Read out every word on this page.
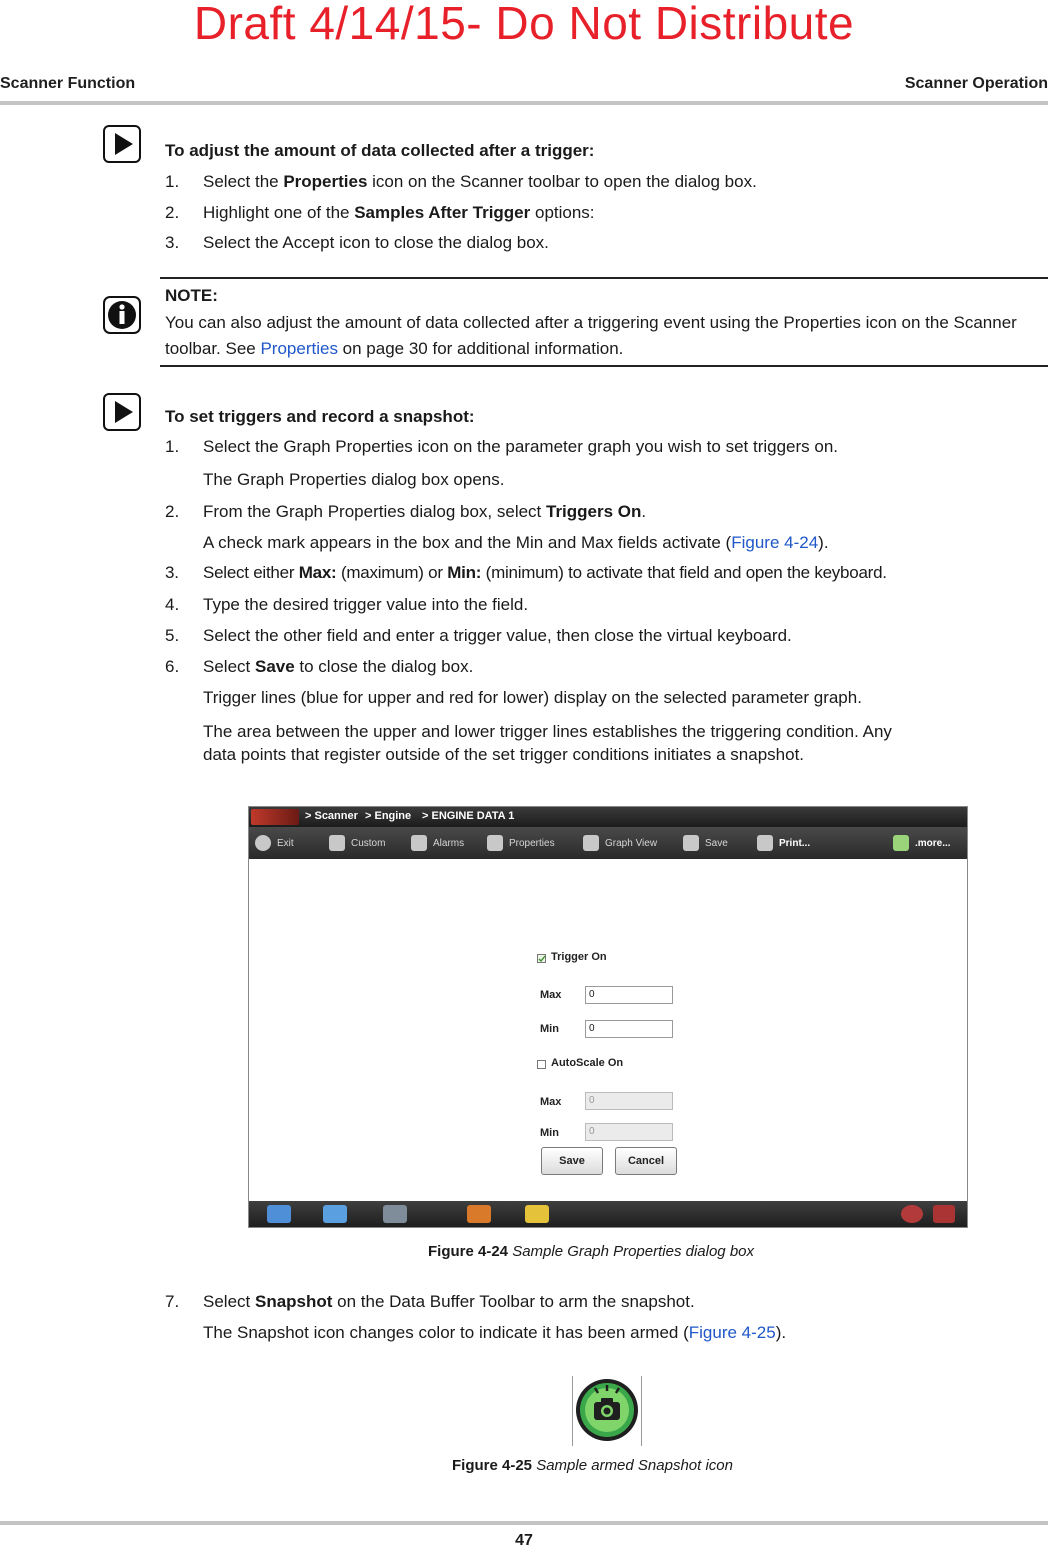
Draft 4/14/15- Do Not Distribute
Scanner Function	Scanner Operation
To adjust the amount of data collected after a trigger:
1.	Select the Properties icon on the Scanner toolbar to open the dialog box.
2.	Highlight one of the Samples After Trigger options:
3.	Select the Accept icon to close the dialog box.
NOTE:
You can also adjust the amount of data collected after a triggering event using the Properties icon on the Scanner toolbar. See Properties on page 30 for additional information.
To set triggers and record a snapshot:
1.	Select the Graph Properties icon on the parameter graph you wish to set triggers on.
The Graph Properties dialog box opens.
2.	From the Graph Properties dialog box, select Triggers On.
A check mark appears in the box and the Min and Max fields activate (Figure 4-24).
3.	Select either Max: (maximum) or Min: (minimum) to activate that field and open the keyboard.
4.	Type the desired trigger value into the field.
5.	Select the other field and enter a trigger value, then close the virtual keyboard.
6.	Select Save to close the dialog box.
Trigger lines (blue for upper and red for lower) display on the selected parameter graph.
The area between the upper and lower trigger lines establishes the triggering condition. Any
data points that register outside of the set trigger conditions initiates a snapshot.
> Scanner > Engine > ENGINE DATA 1
Exit	Custom	Alarms	Properties	Graph View	Save	Print...	.more...
Trigger On
Max	0
Min	0
AutoScale On
Max	0
Min	0
Save	Cancel
Figure 4-24 Sample Graph Properties dialog box
7.	Select Snapshot on the Data Buffer Toolbar to arm the snapshot.
The Snapshot icon changes color to indicate it has been armed (Figure 4-25).
Figure 4-25 Sample armed Snapshot icon
47
